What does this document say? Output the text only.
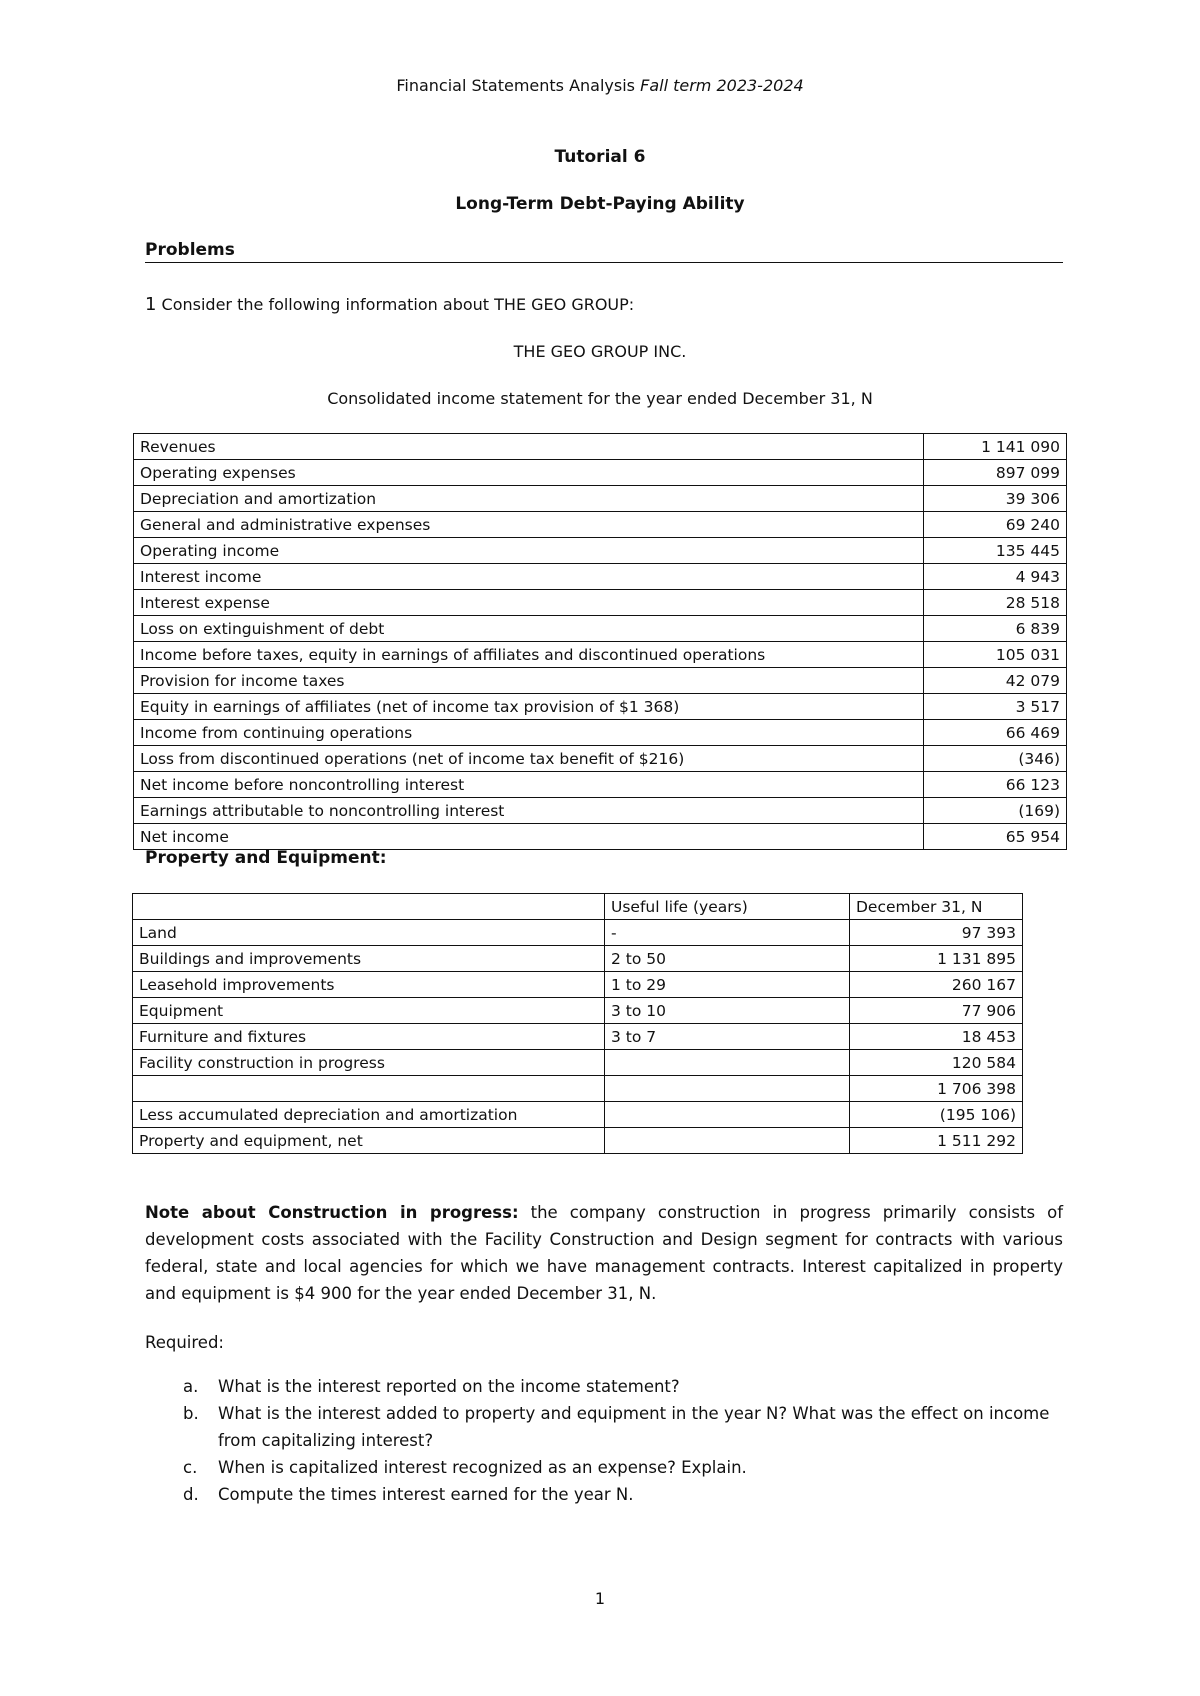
Financial Statements Analysis Fall term 2023-2024
Tutorial 6
Long-Term Debt-Paying Ability
Problems
1 Consider the following information about THE GEO GROUP:
THE GEO GROUP INC.
Consolidated income statement for the year ended December 31, N
Revenues	1 141 090
Operating expenses	897 099
Depreciation and amortization	39 306
General and administrative expenses	69 240
Operating income	135 445
Interest income	4 943
Interest expense	28 518
Loss on extinguishment of debt	6 839
Income before taxes, equity in earnings of affiliates and discontinued operations	105 031
Provision for income taxes	42 079
Equity in earnings of affiliates (net of income tax provision of $1 368)	3 517
Income from continuing operations	66 469
Loss from discontinued operations (net of income tax benefit of $216)	(346)
Net income before noncontrolling interest	66 123
Earnings attributable to noncontrolling interest	(169)
Net income	65 954
Property and Equipment:
	Useful life (years)	December 31, N
Land	-	97 393
Buildings and improvements	2 to 50	1 131 895
Leasehold improvements	1 to 29	260 167
Equipment	3 to 10	77 906
Furniture and fixtures	3 to 7	18 453
Facility construction in progress		120 584
		1 706 398
Less accumulated depreciation and amortization		(195 106)
Property and equipment, net		1 511 292
Note about Construction in progress: the company construction in progress primarily consists of development costs associated with the Facility Construction and Design segment for contracts with various federal, state and local agencies for which we have management contracts. Interest capitalized in property and equipment is $4 900 for the year ended December 31, N.
Required:
a. What is the interest reported on the income statement?
b. What is the interest added to property and equipment in the year N? What was the effect on income from capitalizing interest?
c. When is capitalized interest recognized as an expense? Explain.
d. Compute the times interest earned for the year N.
1
